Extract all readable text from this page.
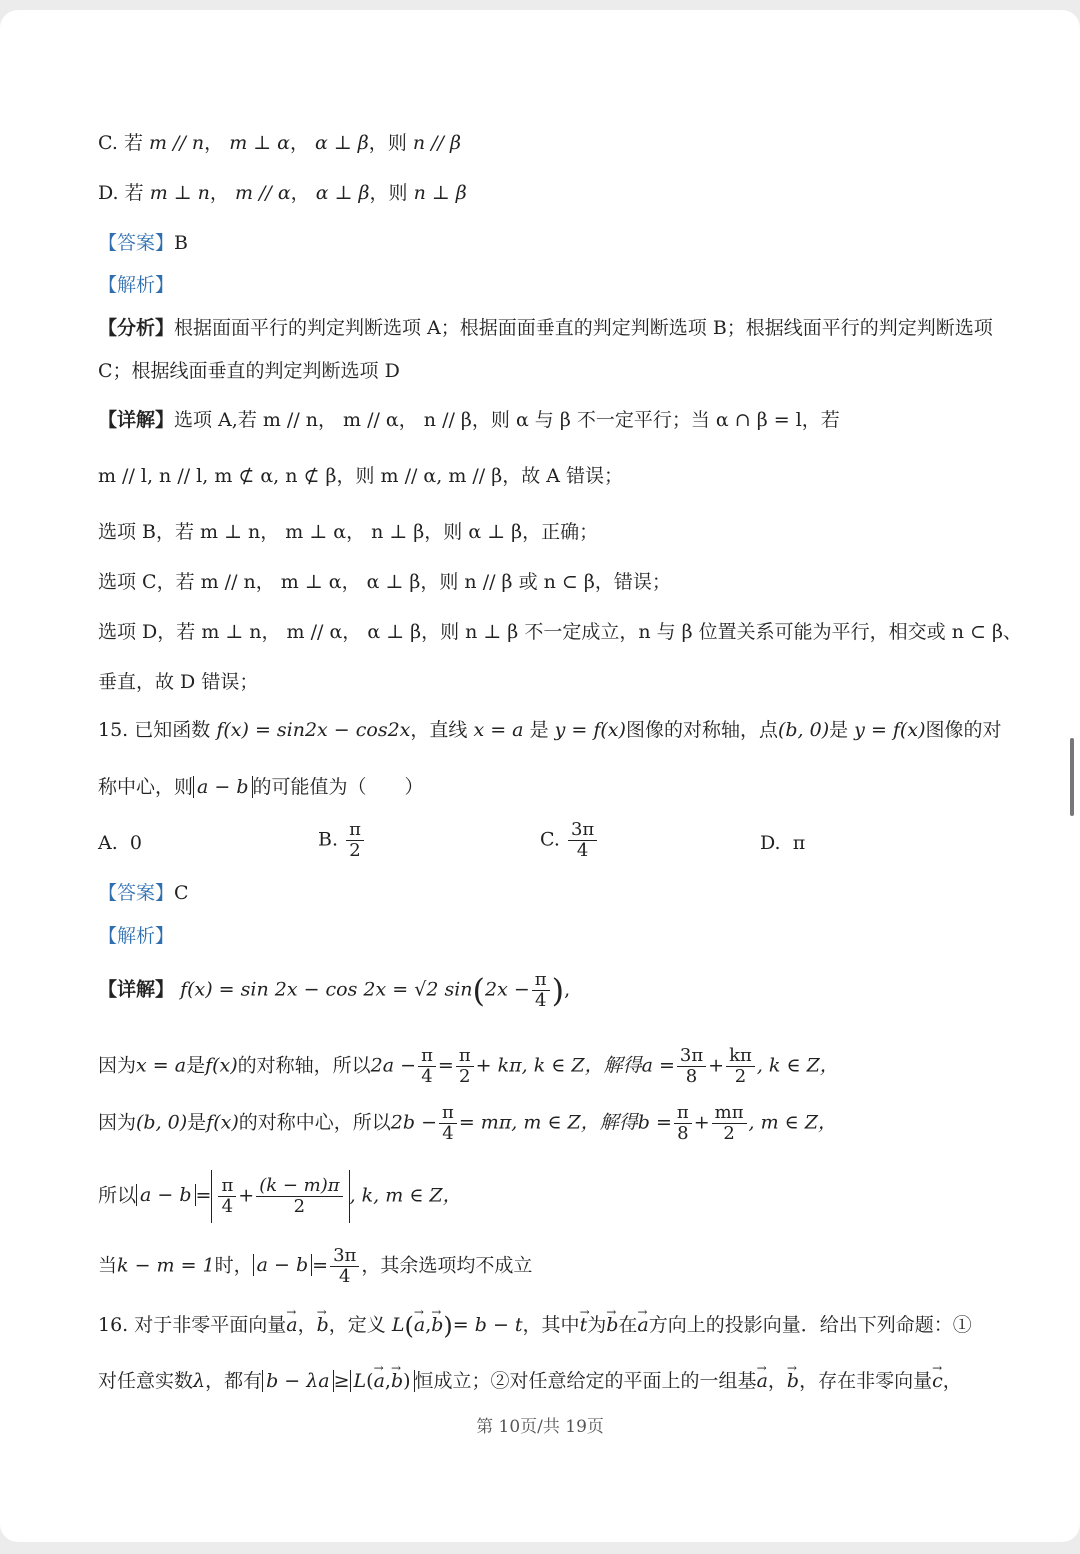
C. 若 m // n， m ⊥ α， α ⊥ β，则 n // β
D. 若 m ⊥ n， m // α， α ⊥ β，则 n ⊥ β
【答案】B
【解析】
【分析】根据面面平行的判定判断选项 A；根据面面垂直的判定判断选项 B；根据线面平行的判定判断选项
C；根据线面垂直的判定判断选项 D
【详解】选项 A,若 m // n， m // α， n // β，则 α 与 β 不一定平行；当 α ∩ β = l，若
m // l, n // l, m ⊄ α, n ⊄ β，则 m // α, m // β，故 A 错误；
选项 B，若 m ⊥ n， m ⊥ α， n ⊥ β，则 α ⊥ β，正确；
选项 C，若 m // n， m ⊥ α， α ⊥ β，则 n // β 或 n ⊂ β，错误；
选项 D，若 m ⊥ n， m // α， α ⊥ β，则 n ⊥ β 不一定成立，n 与 β 位置关系可能为平行，相交或 n ⊂ β、
垂直，故 D 错误；
15. 已知函数 f(x) = sin2x − cos2x，直线 x = a 是 y = f(x)图像的对称轴，点(b, 0)是 y = f(x)图像的对
称中心，则 a − b 的可能值为（　　）
A. 0	B. $\frac{\pi}{2}$	C. $\frac{3\pi}{4}$	D. π
【答案】C
【解析】
【详解】 f(x) = sin 2x − cos 2x = √2 $\sin(2x - \frac{\pi}{4}$ ),
因为x = a是f(x)的对称轴，所以$2a - \frac{\pi}{4} = \frac{\pi}{2} + k\pi$, k ∈ Z，解得$a = \frac{3\pi}{8} + \frac{k\pi}{2}$ , k ∈ Z，
因为(b, 0)是f(x)的对称中心，所以$2b - \frac{\pi}{4} = m\pi$, m ∈ Z，解得$b = \frac{\pi}{8} + \frac{m\pi}{2}$ , m ∈ Z，
所以 $a - b = \frac{\pi}{4} + \frac{(k - m)\pi}{2}$ , k, m ∈ Z，
当k − m = 1时， $a - b = \frac{3\pi}{4}$ ，其余选项均不成立
16. 对于非零平面向量→ a，→ b，定义 L(→ a,→ b)= b − t，其中→ t为→ b在→ a方向上的投影向量．给出下列命题：①
对任意实数λ，都有 b − λa ≥ L(→ a,→ b) 恒成立；②对任意给定的平面上的一组基→ a，→ b，存在非零向量→ c，
第 10页/共 19页
